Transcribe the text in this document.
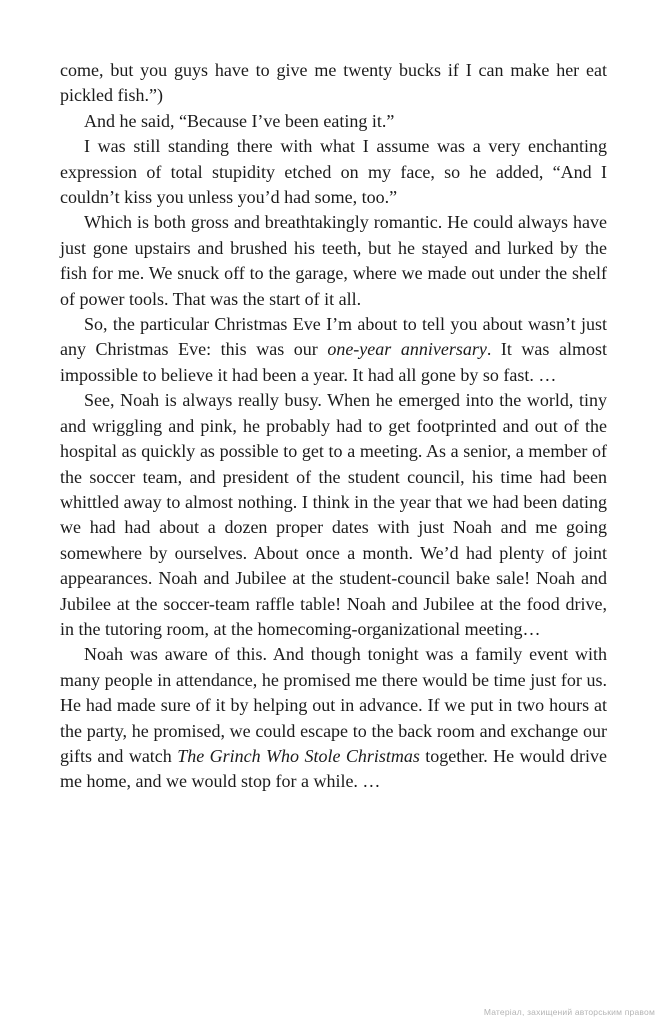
come, but you guys have to give me twenty bucks if I can make her eat pickled fish.”)

And he said, “Because I’ve been eating it.”

I was still standing there with what I assume was a very enchanting expression of total stupidity etched on my face, so he added, “And I couldn’t kiss you unless you’d had some, too.”

Which is both gross and breathtakingly romantic. He could always have just gone upstairs and brushed his teeth, but he stayed and lurked by the fish for me. We snuck off to the garage, where we made out under the shelf of power tools. That was the start of it all.

So, the particular Christmas Eve I’m about to tell you about wasn’t just any Christmas Eve: this was our one-year anniversary. It was almost impossible to believe it had been a year. It had all gone by so fast. …

See, Noah is always really busy. When he emerged into the world, tiny and wriggling and pink, he probably had to get footprinted and out of the hospital as quickly as possible to get to a meeting. As a senior, a member of the soccer team, and president of the student council, his time had been whittled away to almost nothing. I think in the year that we had been dating we had had about a dozen proper dates with just Noah and me going somewhere by ourselves. About once a month. We’d had plenty of joint appearances. Noah and Jubilee at the student-council bake sale! Noah and Jubilee at the soccer-team raffle table! Noah and Jubilee at the food drive, in the tutoring room, at the homecoming-organizational meeting…

Noah was aware of this. And though tonight was a family event with many people in attendance, he promised me there would be time just for us. He had made sure of it by helping out in advance. If we put in two hours at the party, he promised, we could escape to the back room and exchange our gifts and watch The Grinch Who Stole Christmas together. He would drive me home, and we would stop for a while. …

Матеріал, захищений авторським правом
